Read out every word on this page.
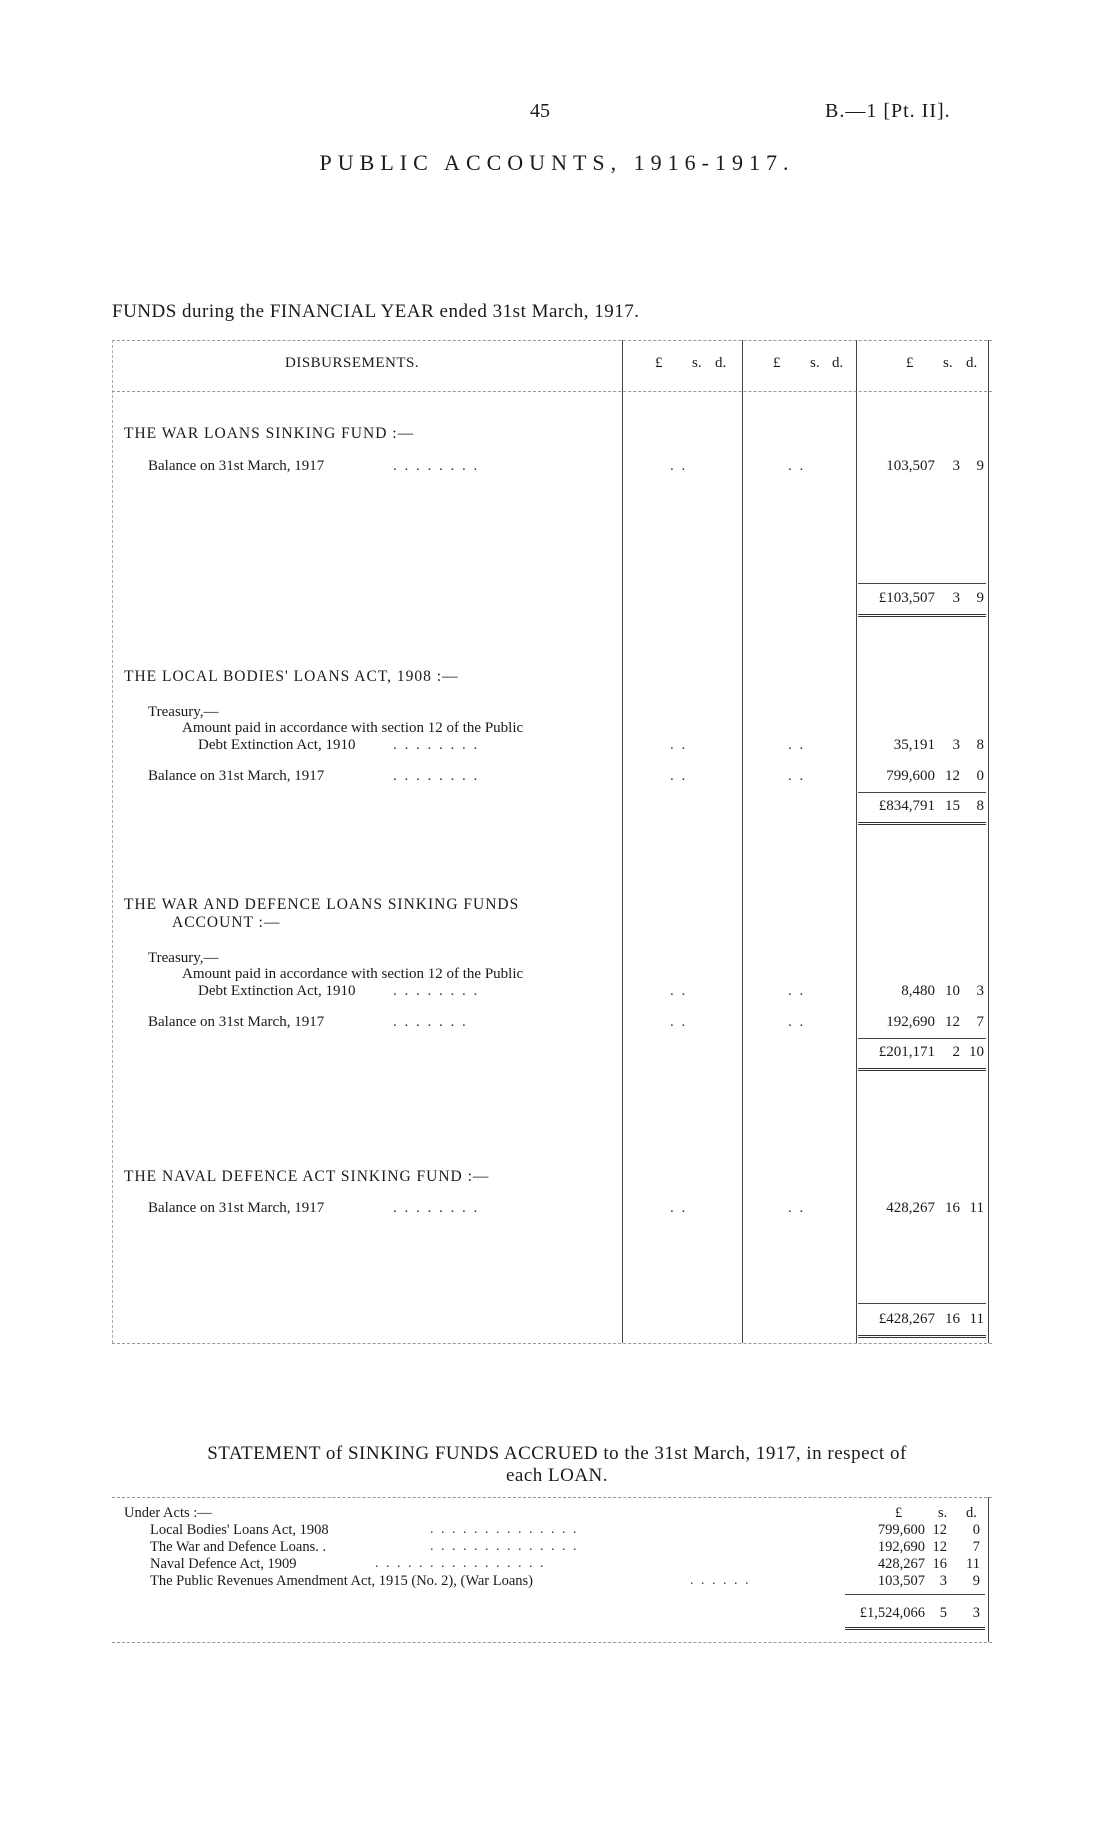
45	B.—1 [Pt. II].
PUBLIC ACCOUNTS, 1916-1917.
FUNDS during the FINANCIAL YEAR ended 31st March, 1917.
DISBURSEMENTS.	£ s. d.	£ s. d.	£ s. d.
THE WAR LOANS SINKING FUND :—
Balance on 31st March, 1917	. . . . . . . .	. .	. .	103,507	3	9
£103,507	3	9
THE LOCAL BODIES' LOANS ACT, 1908 :—
Treasury,—
Amount paid in accordance with section 12 of the Public
Debt Extinction Act, 1910	. . . . . . . .	. .	. .	35,191	3	8
Balance on 31st March, 1917	. . . . . . . .	. .	. .	799,600 12	0
£834,791 15	8
THE WAR AND DEFENCE LOANS SINKING FUNDS
ACCOUNT :—
Treasury,—
Amount paid in accordance with section 12 of the Public
Debt Extinction Act, 1910	. . . . . . . .	. .	. .	8,480 10	3
Balance on 31st March, 1917	. . . . . . .	. .	. .	192,690 12	7
£201,171	2 10
THE NAVAL DEFENCE ACT SINKING FUND :—
Balance on 31st March, 1917	. . . . . . . .	. .	. .	428,267 16 11
£428,267 16 11
STATEMENT of SINKING FUNDS ACCRUED to the 31st March, 1917, in respect of
each LOAN.
Under Acts :—	£ s. d.
Local Bodies' Loans Act, 1908	. . . . . . . . . . . . . .	799,600 12	0
The War and Defence Loans. .	. . . . . . . . . . . . . .	192,690 12	7
Naval Defence Act, 1909	. . . . . . . . . . . . . . . .	428,267 16	11
The Public Revenues Amendment Act, 1915 (No. 2), (War Loans)	. . . . . .	103,507	3	9
£1,524,066	5	3
